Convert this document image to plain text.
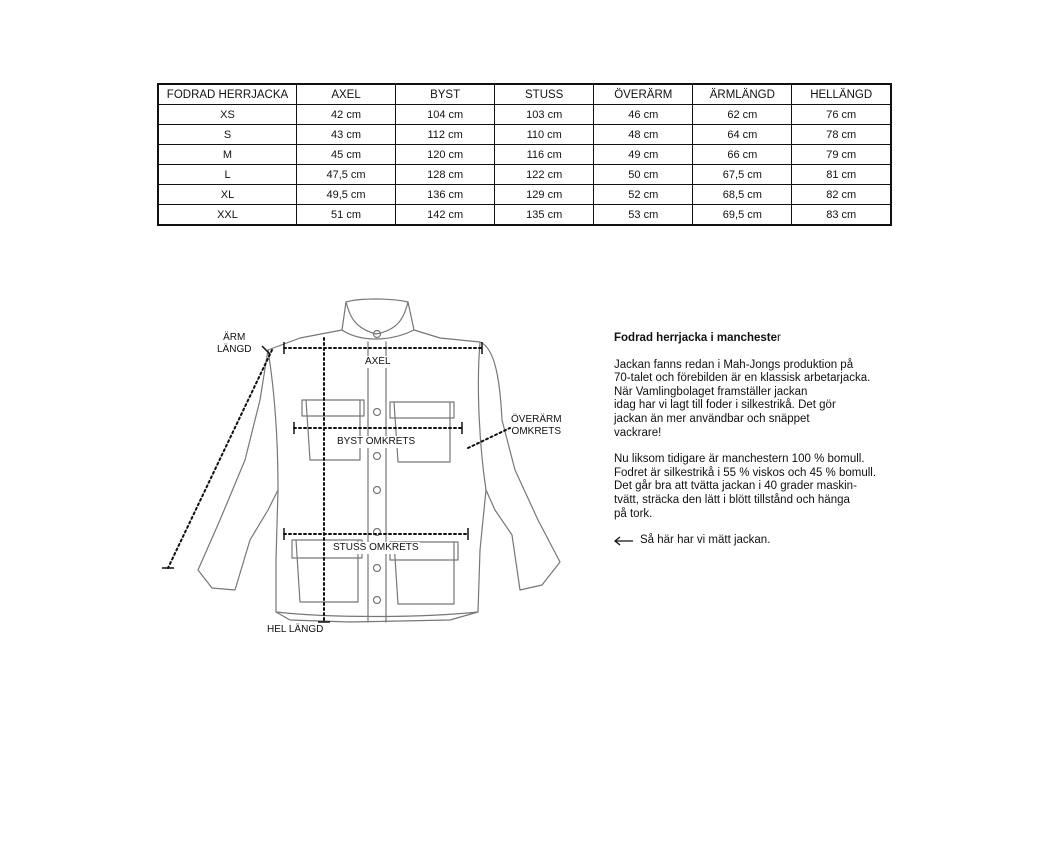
FODRAD HERRJACKA	AXEL	BYST	STUSS	ÖVERÄRM	ÄRMLÄNGD	HELLÄNGD
XS	42 cm	104 cm	103 cm	46 cm	62 cm	76 cm
S	43 cm	112 cm	110 cm	48 cm	64 cm	78 cm
M	45 cm	120 cm	116 cm	49 cm	66 cm	79 cm
L	47,5 cm	128 cm	122 cm	50 cm	67,5 cm	81 cm
XL	49,5 cm	136 cm	129 cm	52 cm	68,5 cm	82 cm
XXL	51 cm	142 cm	135 cm	53 cm	69,5 cm	83 cm
ÄRM
LÄNGD
AXEL
ÖVERÄRM
OMKRETS
BYST OMKRETS
STUSS OMKRETS
HEL LÄNGD
Fodrad herrjacka i manchester

Jackan fanns redan i Mah-Jongs produktion på
70-talet och förebilden är en klassisk arbetarjacka.
När Vamlingbolaget framställer jackan
idag har vi lagt till foder i silkestrikå. Det gör
jackan än mer användbar och snäppet
vackrare!

Nu liksom tidigare är manchestern 100 % bomull.
Fodret är silkestrikå i 55 % viskos och 45 % bomull.
Det går bra att tvätta jackan i 40 grader maskin-
tvätt, sträcka den lätt i blött tillstånd och hänga
på tork.

Så här har vi mätt jackan.
